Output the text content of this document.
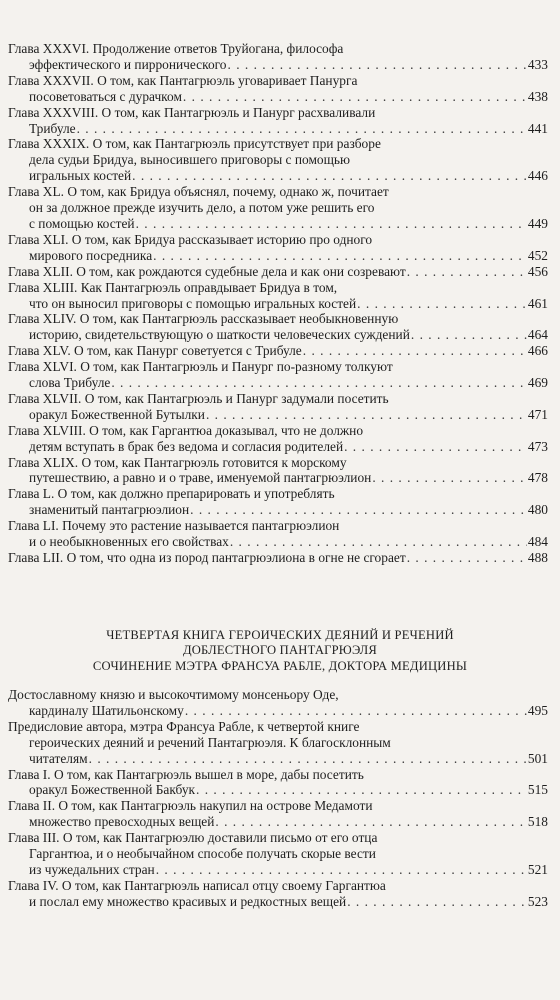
Глава XXXVI. Продолжение ответов Труйогана, философа
эффектического и пирронического . . .	433
Глава XXXVII. О том, как Пантагрюэль уговаривает Панурга
посоветоваться с дурачком . . .	438
Глава XXXVIII. О том, как Пантагрюэль и Панург расхваливали
Трибуле . . .	441
Глава XXXIX. О том, как Пантагрюэль присутствует при разборе
дела судьи Бридуа, выносившего приговоры с помощью
игральных костей . . .	446
Глава XL. О том, как Бридуа объяснял, почему, однако ж, почитает
он за должное прежде изучить дело, а потом уже решить его
с помощью костей . . .	449
Глава XLI. О том, как Бридуа рассказывает историю про одного
мирового посредника . . .	452
Глава XLII. О том, как рождаются судебные дела и как они созревают . . .	456
Глава XLIII. Как Пантагрюэль оправдывает Бридуа в том,
что он выносил приговоры с помощью игральных костей . . .	461
Глава XLIV. О том, как Пантагрюэль рассказывает необыкновенную
историю, свидетельствующую о шаткости человеческих суждений . . .	464
Глава XLV. О том, как Панург советуется с Трибуле . . .	466
Глава XLVI. О том, как Пантагрюэль и Панург по-разному толкуют
слова Трибуле . . .	469
Глава XLVII. О том, как Пантагрюэль и Панург задумали посетить
оракул Божественной Бутылки . . .	471
Глава XLVIII. О том, как Гаргантюа доказывал, что не должно
детям вступать в брак без ведома и согласия родителей . . .	473
Глава XLIX. О том, как Пантагрюэль готовится к морскому
путешествию, а равно и о траве, именуемой пантагрюэлион . . .	478
Глава L. О том, как должно препарировать и употреблять
знаменитый пантагрюэлион . . .	480
Глава LI. Почему это растение называется пантагрюэлион
и о необыкновенных его свойствах . . .	484
Глава LII. О том, что одна из пород пантагрюэлиона в огне не сгорает . . .	488
ЧЕТВЕРТАЯ КНИГА ГЕРОИЧЕСКИХ ДЕЯНИЙ И РЕЧЕНИЙ
ДОБЛЕСТНОГО ПАНТАГРЮЭЛЯ
СОЧИНЕНИЕ МЭТРА ФРАНСУА РАБЛЕ, ДОКТОРА МЕДИЦИНЫ
Достославному князю и высокочтимому монсеньору Оде,
кардиналу Шатильонскому . . .	495
Предисловие автора, мэтра Франсуа Рабле, к четвертой книге
героических деяний и речений Пантагрюэля. К благосклонным
читателям . . .	501
Глава I. О том, как Пантагрюэль вышел в море, дабы посетить
оракул Божественной Бакбук . . .	515
Глава II. О том, как Пантагрюэль накупил на острове Медамоти
множество превосходных вещей . . .	518
Глава III. О том, как Пантагрюэлю доставили письмо от его отца
Гаргантюа, и о необычайном способе получать скорые вести
из чужедальних стран . . .	521
Глава IV. О том, как Пантагрюэль написал отцу своему Гаргантюа
и послал ему множество красивых и редкостных вещей . . .	523
